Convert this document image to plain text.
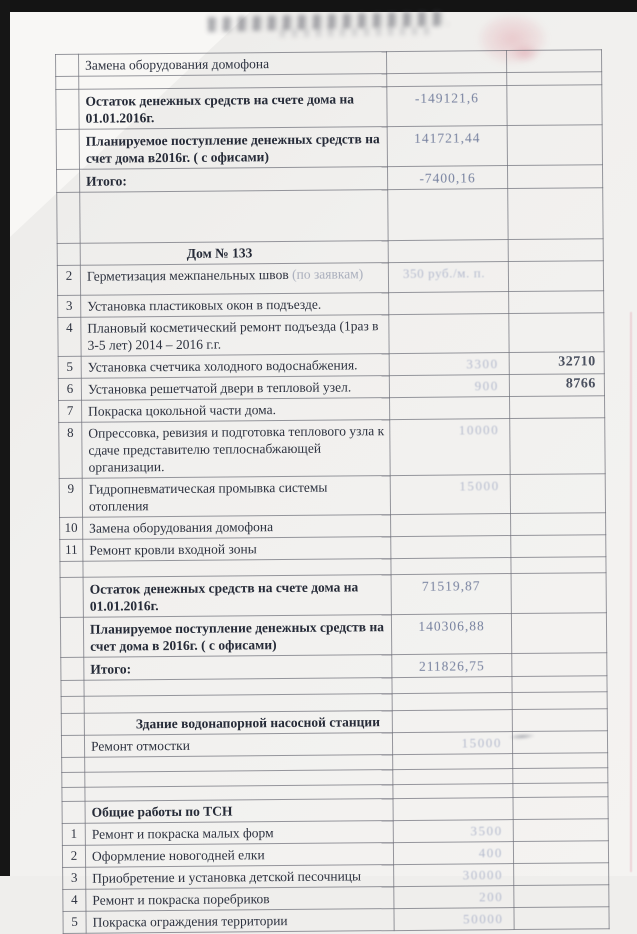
	Замена оборудования домофона		

	Остаток денежных средств на счете дома на 01.01.2016г.	-149121,6	
	Планируемое поступление денежных средств на счет дома в2016г. ( с офисами)	141721,44	
	Итого:	-7400,16	

	Дом № 133		
2	Герметизация межпанельных швов (по заявкам)	350 руб./м. п.	
3	Установка пластиковых окон в подъезде.		
4	Плановый косметический ремонт подъезда (1раз в 3-5 лет) 2014 – 2016 г.г.		
5	Установка счетчика холодного водоснабжения.	3300	32710
6	Установка решетчатой двери в тепловой узел.	900	8766
7	Покраска цокольной части дома.		
8	Опрессовка, ревизия и подготовка теплового узла к сдаче представителю теплоснабжающей организации.	10000	
9	Гидропневматическая промывка системы отопления	15000	
10	Замена оборудования домофона		
11	Ремонт кровли входной зоны		

	Остаток денежных средств на счете дома на 01.01.2016г.	71519,87	
	Планируемое поступление денежных средств на счет дома в 2016г. ( с офисами)	140306,88	
	Итого:	211826,75	

	Здание водонапорной насосной станции		
	Ремонт отмостки	15000	

	Общие работы по ТСН		
1	Ремонт и покраска малых форм	3500	
2	Оформление новогодней елки	400	
3	Приобретение и установка детской песочницы	30000	
4	Ремонт и покраска поребриков	200	
5	Покраска ограждения территории	50000	
